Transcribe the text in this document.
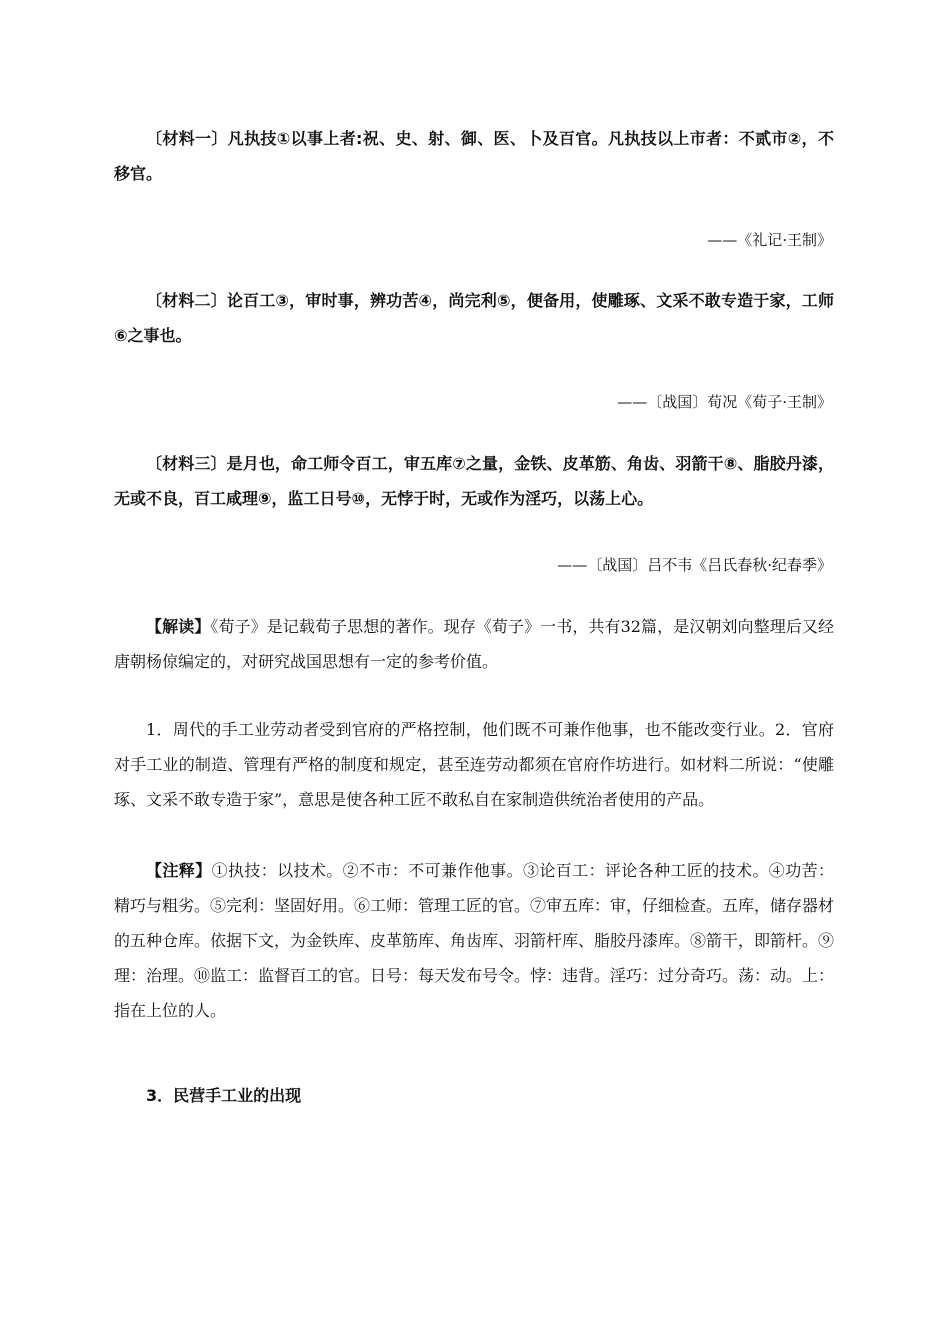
〔材料一〕凡执技①以事上者:祝、史、射、御、医、卜及百官。凡执技以上市者：不贰市②，不移官。

——《礼记·王制》

〔材料二〕论百工③，审时事，辨功苦④，尚完利⑤，便备用，使雕琢、文采不敢专造于家，工师⑥之事也。

——〔战国〕荀况《荀子·王制》

〔材料三〕是月也，命工师令百工，审五库⑦之量，金铁、皮革筋、角齿、羽箭干⑧、脂胶丹漆，无或不良，百工咸理⑨，监工日号⑩，无悖于时，无或作为淫巧，以荡上心。

——〔战国〕吕不韦《吕氏春秋·纪春季》

【解读】《荀子》是记载荀子思想的著作。现存《荀子》一书，共有32篇，是汉朝刘向整理后又经唐朝杨倞编定的，对研究战国思想有一定的参考价值。

1．周代的手工业劳动者受到官府的严格控制，他们既不可兼作他事，也不能改变行业。2．官府对手工业的制造、管理有严格的制度和规定，甚至连劳动都须在官府作坊进行。如材料二所说：“使雕琢、文采不敢专造于家”，意思是使各种工匠不敢私自在家制造供统治者使用的产品。

【注释】①执技：以技术。②不市：不可兼作他事。③论百工：评论各种工匠的技术。④功苦：精巧与粗劣。⑤完利：坚固好用。⑥工师：管理工匠的官。⑦审五库：审，仔细检查。五库，储存器材的五种仓库。依据下文，为金铁库、皮革筋库、角齿库、羽箭杆库、脂胶丹漆库。⑧箭干，即箭杆。⑨理：治理。⑩监工：监督百工的官。日号：每天发布号令。悖：违背。淫巧：过分奇巧。荡：动。上：指在上位的人。

3．民营手工业的出现
